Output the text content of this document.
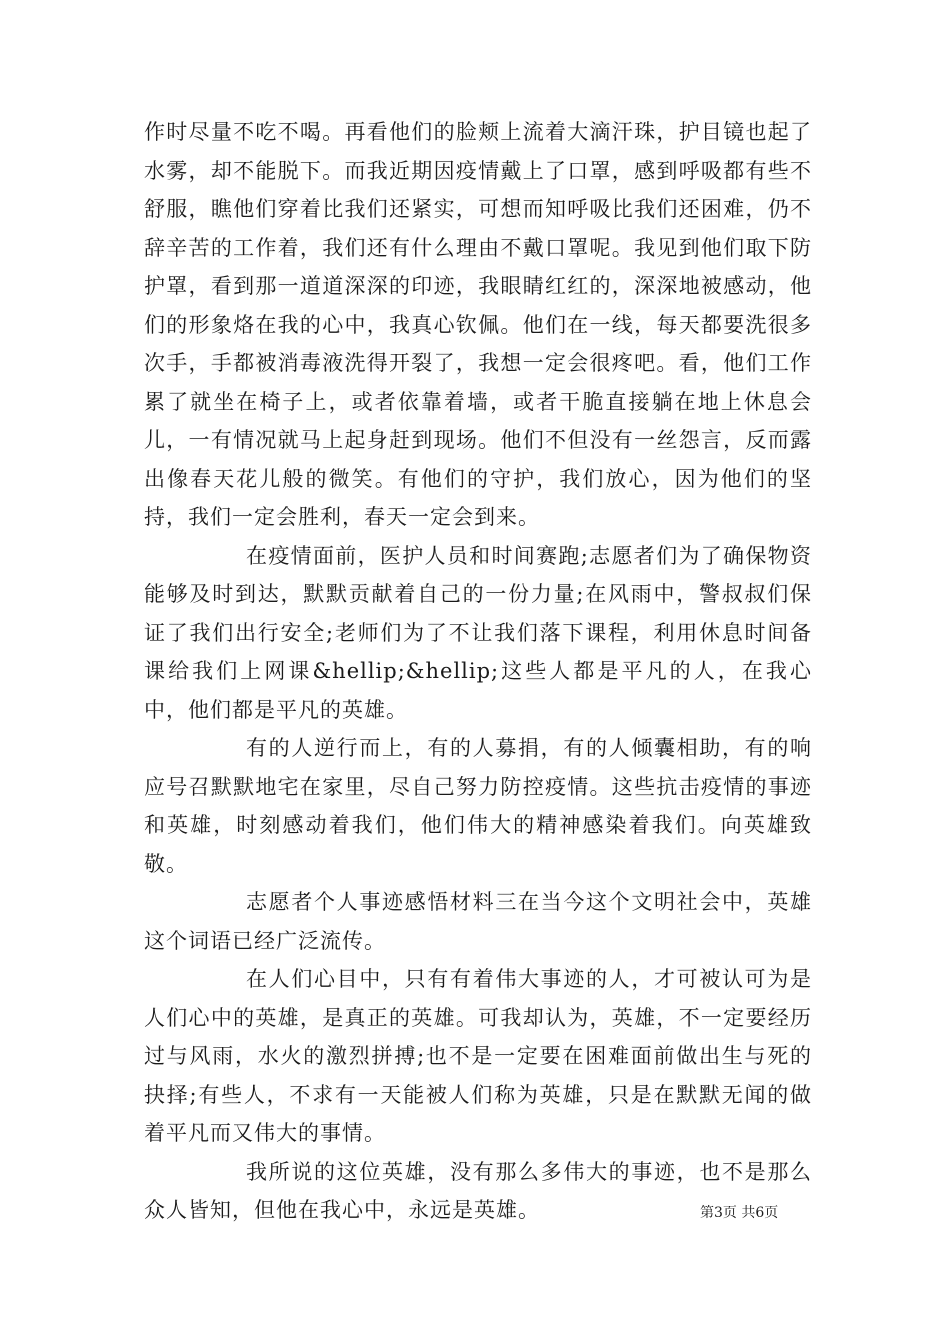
作时尽量不吃不喝。再看他们的脸颊上流着大滴汗珠，护目镜也起了水雾，却不能脱下。而我近期因疫情戴上了口罩，感到呼吸都有些不舒服，瞧他们穿着比我们还紧实，可想而知呼吸比我们还困难，仍不辞辛苦的工作着，我们还有什么理由不戴口罩呢。我见到他们取下防护罩，看到那一道道深深的印迹，我眼睛红红的，深深地被感动，他们的形象烙在我的心中，我真心钦佩。他们在一线，每天都要洗很多次手，手都被消毒液洗得开裂了，我想一定会很疼吧。看，他们工作累了就坐在椅子上，或者依靠着墙，或者干脆直接躺在地上休息会儿，一有情况就马上起身赶到现场。他们不但没有一丝怨言，反而露出像春天花儿般的微笑。有他们的守护，我们放心，因为他们的坚持，我们一定会胜利，春天一定会到来。

在疫情面前，医护人员和时间赛跑;志愿者们为了确保物资能够及时到达，默默贡献着自己的一份力量;在风雨中，警叔叔们保证了我们出行安全;老师们为了不让我们落下课程，利用休息时间备课给我们上网课&hellip;&hellip;这些人都是平凡的人，在我心中，他们都是平凡的英雄。

有的人逆行而上，有的人募捐，有的人倾囊相助，有的响应号召默默地宅在家里，尽自己努力防控疫情。这些抗击疫情的事迹和英雄，时刻感动着我们，他们伟大的精神感染着我们。向英雄致敬。

志愿者个人事迹感悟材料三在当今这个文明社会中，英雄这个词语已经广泛流传。

在人们心目中，只有有着伟大事迹的人，才可被认可为是人们心中的英雄，是真正的英雄。可我却认为，英雄，不一定要经历过与风雨，水火的激烈拼搏;也不是一定要在困难面前做出生与死的抉择;有些人，不求有一天能被人们称为英雄，只是在默默无闻的做着平凡而又伟大的事情。

我所说的这位英雄，没有那么多伟大的事迹，也不是那么众人皆知，但他在我心中，永远是英雄。	第3页 共6页
